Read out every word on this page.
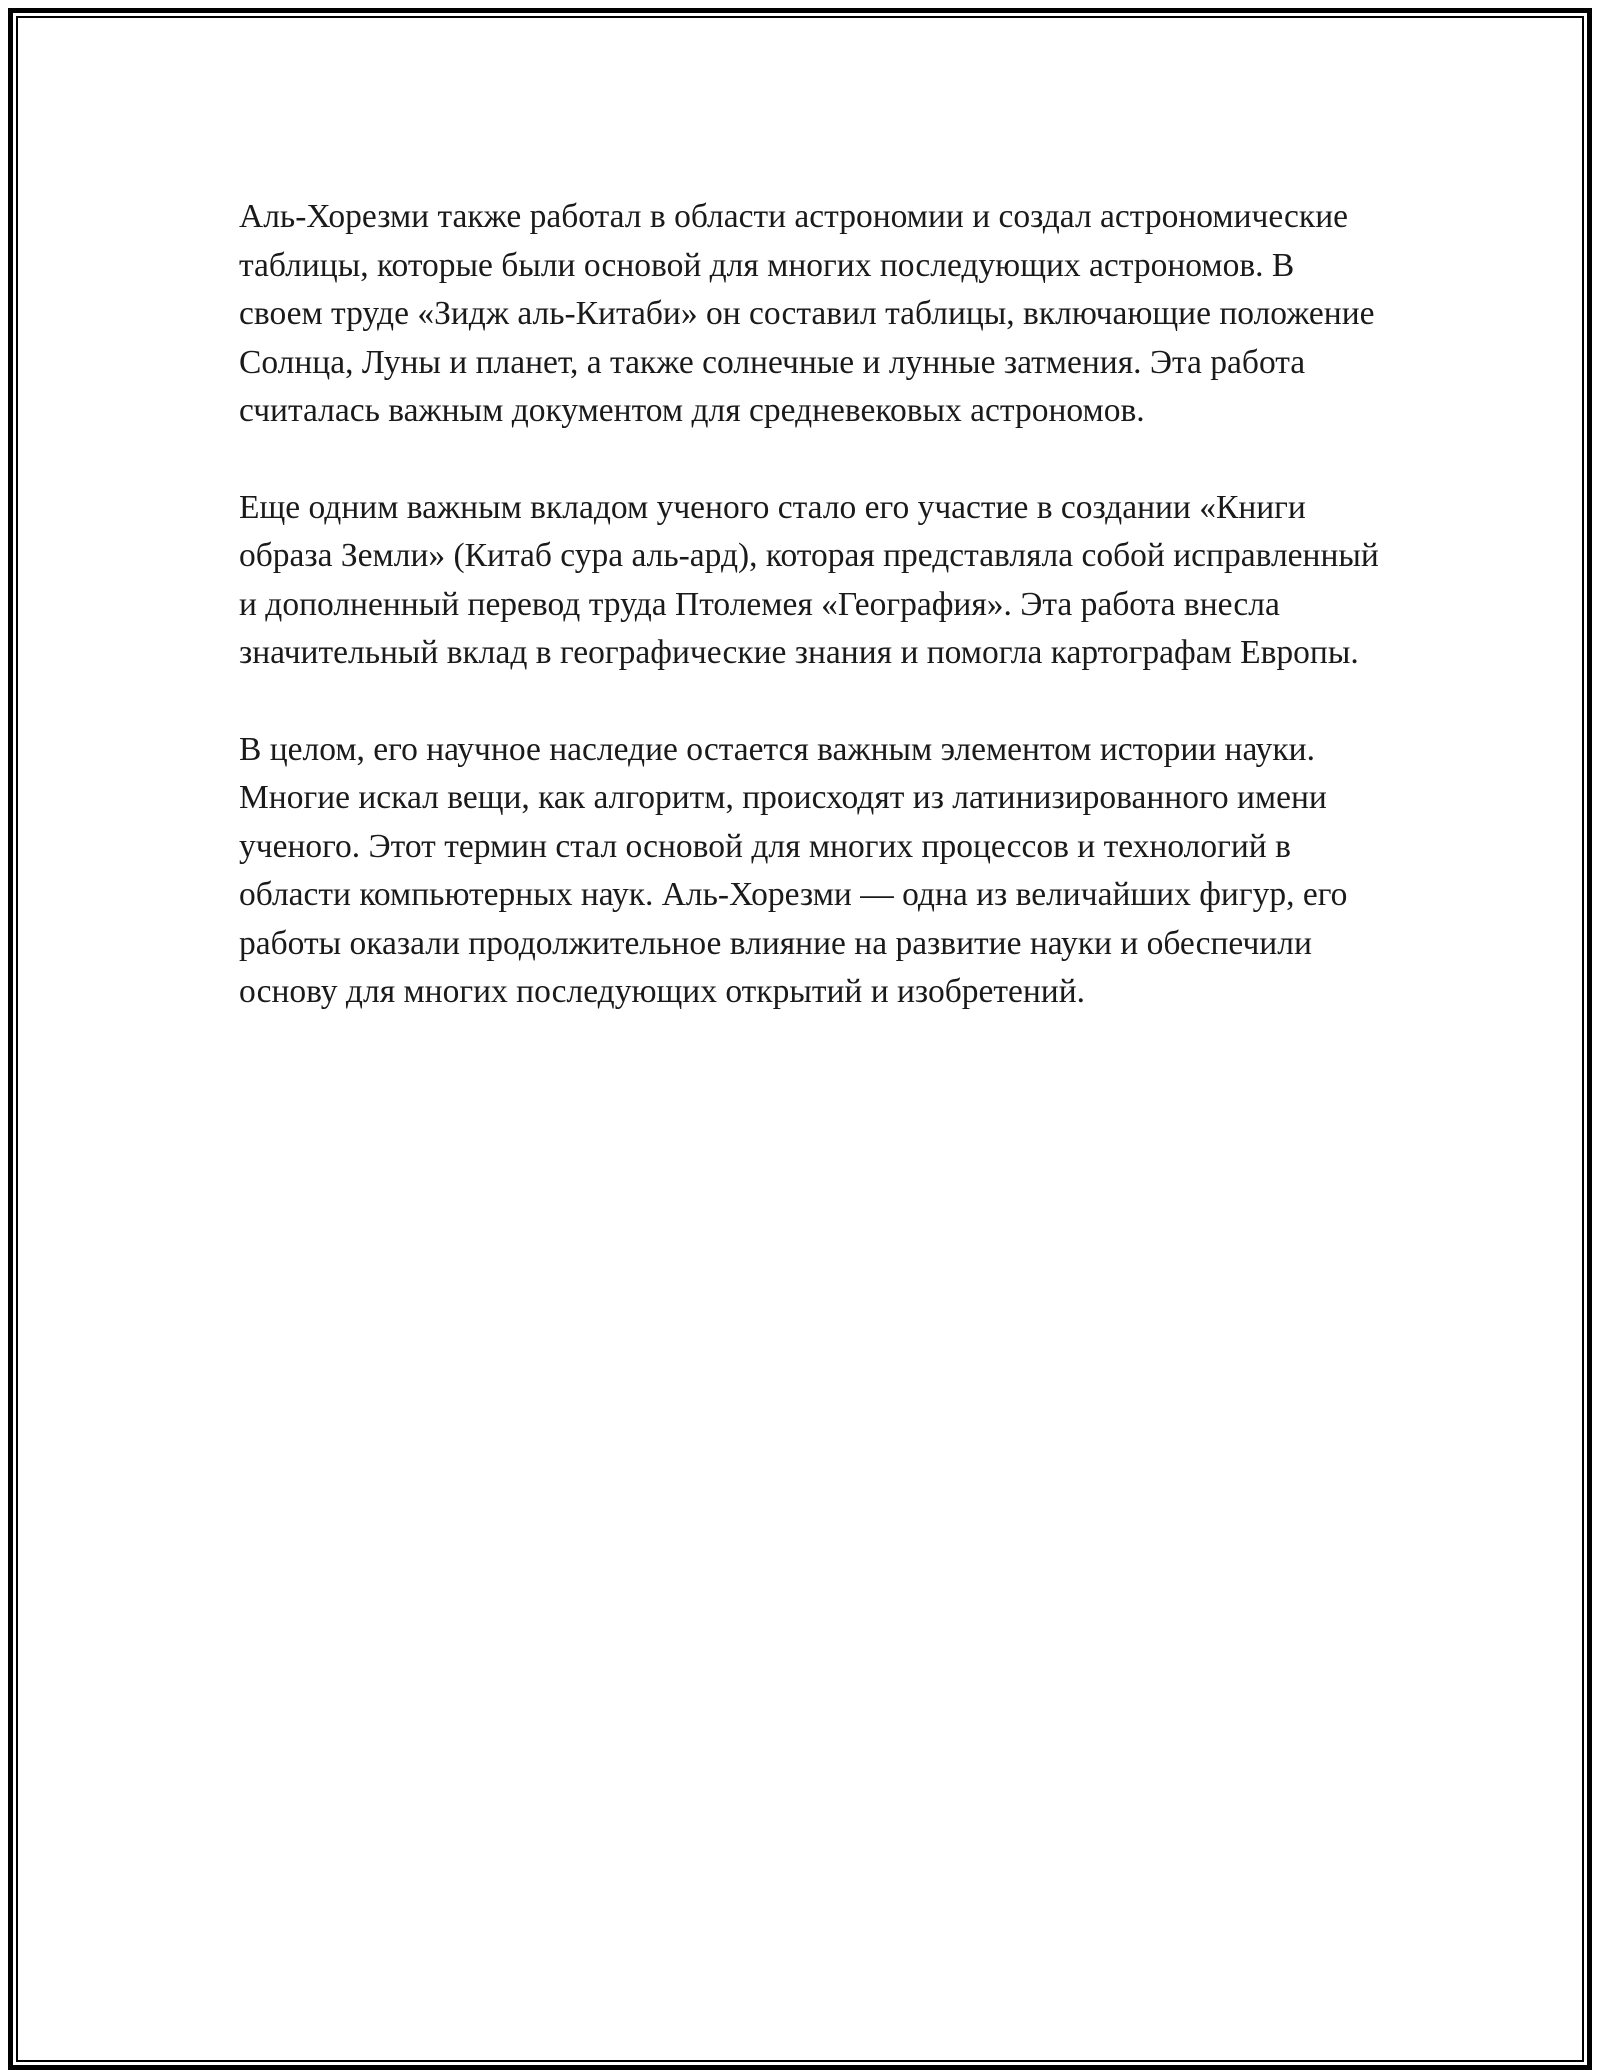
Аль-Хорезми также работал в области астрономии и создал астрономические таблицы, которые были основой для многих последующих астрономов. В своем труде «Зидж аль-Китаби» он составил таблицы, включающие положение Солнца, Луны и планет, а также солнечные и лунные затмения. Эта работа считалась важным документом для средневековых астрономов.

Еще одним важным вкладом ученого стало его участие в создании «Книги образа Земли» (Китаб сура аль-ард), которая представляла собой исправленный и дополненный перевод труда Птолемея «География». Эта работа внесла значительный вклад в географические знания и помогла картографам Европы.

В целом, его научное наследие остается важным элементом истории науки. Многие искал вещи, как алгоритм, происходят из латинизированного имени ученого. Этот термин стал основой для многих процессов и технологий в области компьютерных наук. Аль-Хорезми — одна из величайших фигур, его работы оказали продолжительное влияние на развитие науки и обеспечили основу для многих последующих открытий и изобретений.
